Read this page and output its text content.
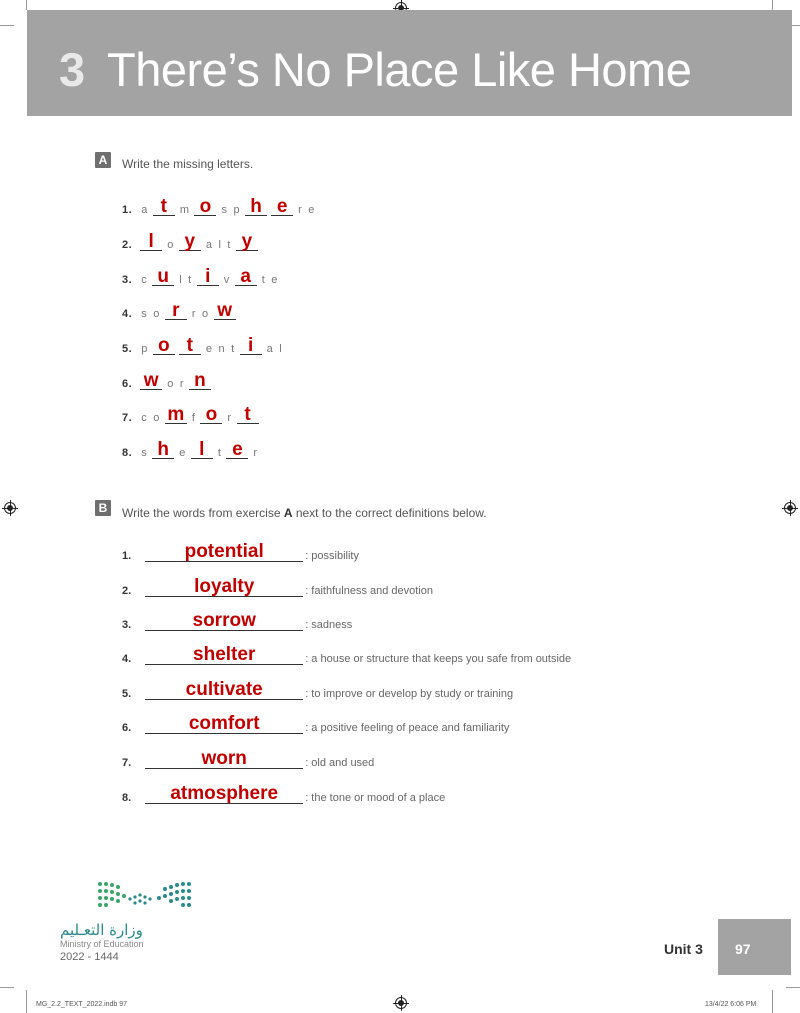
3 There’s No Place Like Home
A	Write the missing letters.
1. a t	m o s p h e r e
2. l	o y a l t y
3. c u l t i	v a t e
4. s o r	r o w
5. p o t	e n t i	a l
6. w o r n
7. c o m f o r t
8. s h e l	t e r
B	Write the words from exercise A next to the correct definitions below.
1.	potential	: possibility
2.	loyalty	: faithfulness and devotion
3.	sorrow	: sadness
4.	shelter	: a house or structure that keeps you safe from outside
5.	cultivate	: to improve or develop by study or training
6.	comfort	: a positive feeling of peace and familiarity
7.	worn	: old and used
8.	atmosphere	: the tone or mood of a place
وزارة التعـليم
Ministry of Education
2022 - 1444	Unit 3 97
MG_2.2_TEXT_2022.indb 97	13/4/22 6:06 PM
